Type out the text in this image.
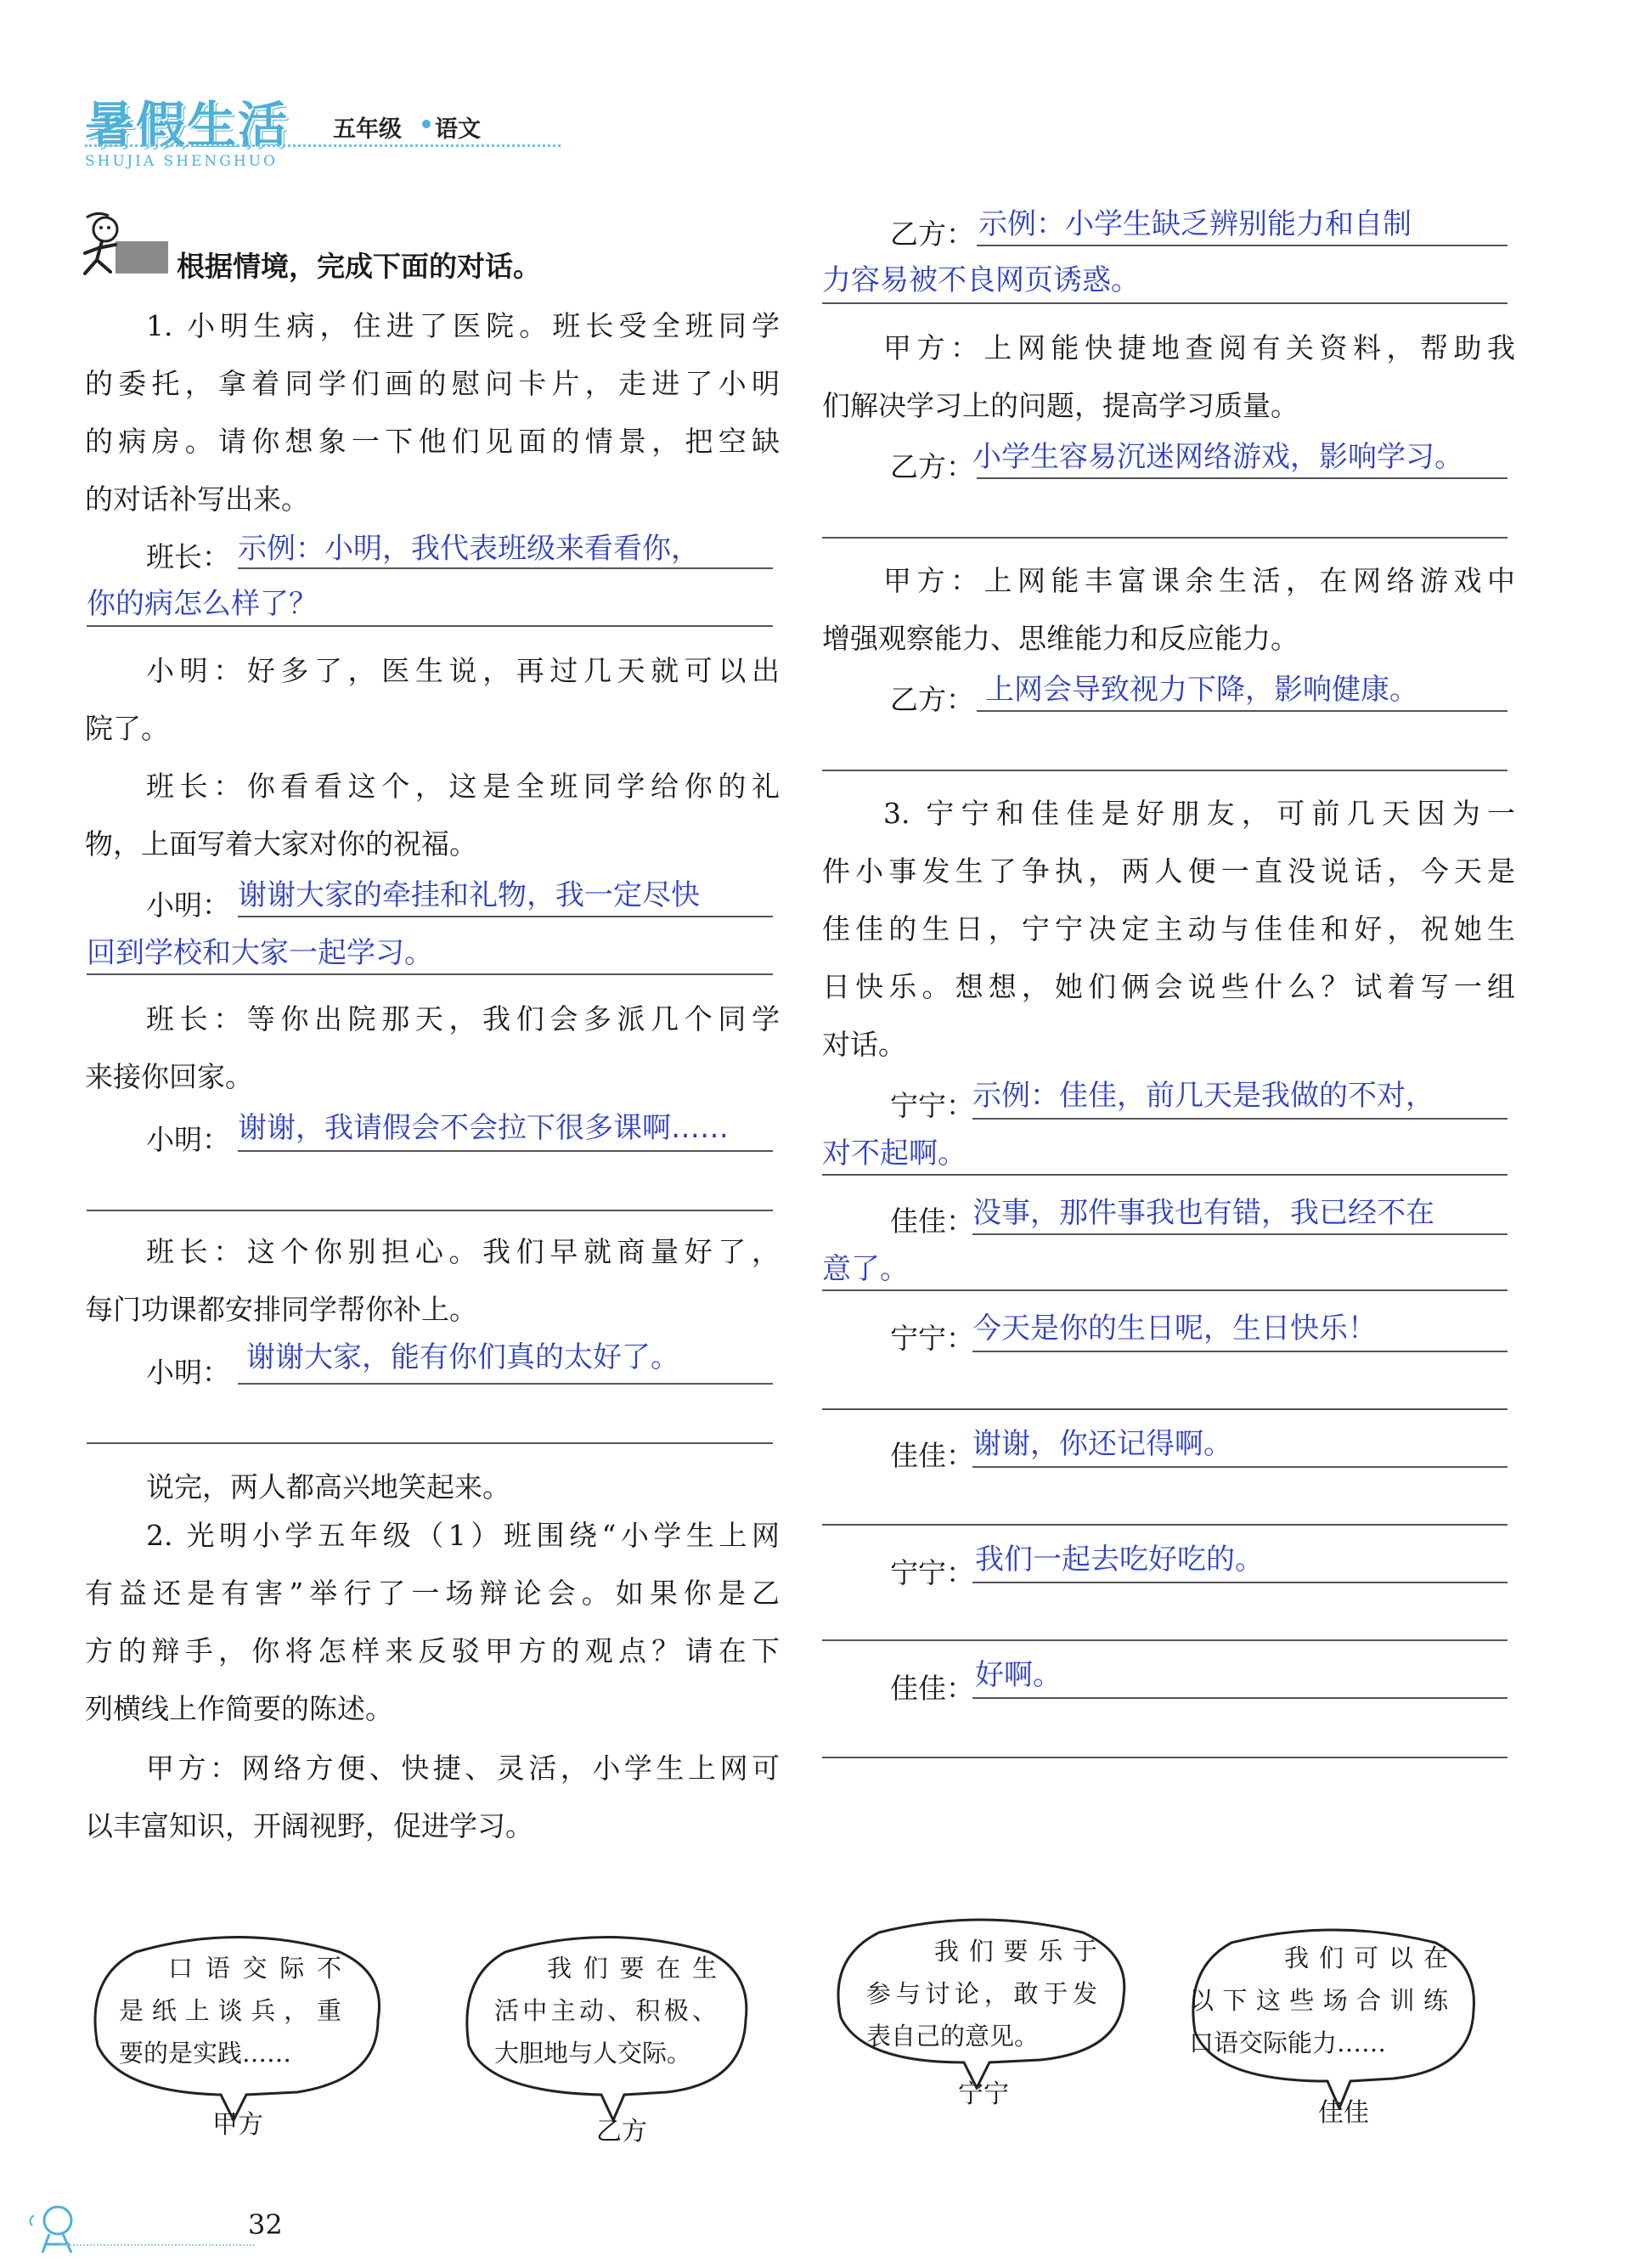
暑假生活 五年级 语文
SHUJIA SHENGHUO
根据情境，完成下面的对话。
1. 小明生病，住进了医院。班长受全班同学
的委托，拿着同学们画的慰问卡片，走进了小明
的病房。请你想象一下他们见面的情景，把空缺
的对话补写出来。
班长： 示例：小明，我代表班级来看看你，
你的病怎么样了？
小明：好多了，医生说，再过几天就可以出
院了。
班长：你看看这个，这是全班同学给你的礼
物，上面写着大家对你的祝福。
小明： 谢谢大家的牵挂和礼物，我一定尽快
回到学校和大家一起学习。
班长：等你出院那天，我们会多派几个同学
来接你回家。
小明： 谢谢，我请假会不会拉下很多课啊……
班长：这个你别担心。我们早就商量好了，
每门功课都安排同学帮你补上。
小明： 谢谢大家，能有你们真的太好了。
说完，两人都高兴地笑起来。
2. 光明小学五年级（1）班围绕“小学生上网
有益还是有害”举行了一场辩论会。如果你是乙
方的辩手，你将怎样来反驳甲方的观点？请在下
列横线上作简要的陈述。
甲方：网络方便、快捷、灵活，小学生上网可
以丰富知识，开阔视野，促进学习。
乙方： 示例：小学生缺乏辨别能力和自制
力容易被不良网页诱惑。
甲方：上网能快捷地查阅有关资料，帮助我
们解决学习上的问题，提高学习质量。
乙方：
小学生容易沉迷网络游戏，影响学习。
甲方：上网能丰富课余生活，在网络游戏中
增强观察能力、思维能力和反应能力。
乙方： 上网会导致视力下降，影响健康。
3. 宁宁和佳佳是好朋友，可前几天因为一
件小事发生了争执，两人便一直没说话，今天是
佳佳的生日，宁宁决定主动与佳佳和好，祝她生
日快乐。想想，她们俩会说些什么？试着写一组
对话。
宁宁：
示例：佳佳，前几天是我做的不对，
对不起啊。
佳佳：
没事，那件事我也有错，我已经不在
意了。
宁宁：
今天是你的生日呢，生日快乐！
佳佳：
谢谢，你还记得啊。
宁宁： 我们一起去吃好吃的。
佳佳： 好啊。
口语交际不
是纸上谈兵，重
要的是实践……
甲方
我们要在生
活中主动、积极、
大胆地与人交际。
乙方
我们要乐于
参与讨论，敢于发
表自己的意见。
宁宁
我们可以在
以下这些场合训练
口语交际能力……
佳佳
32
